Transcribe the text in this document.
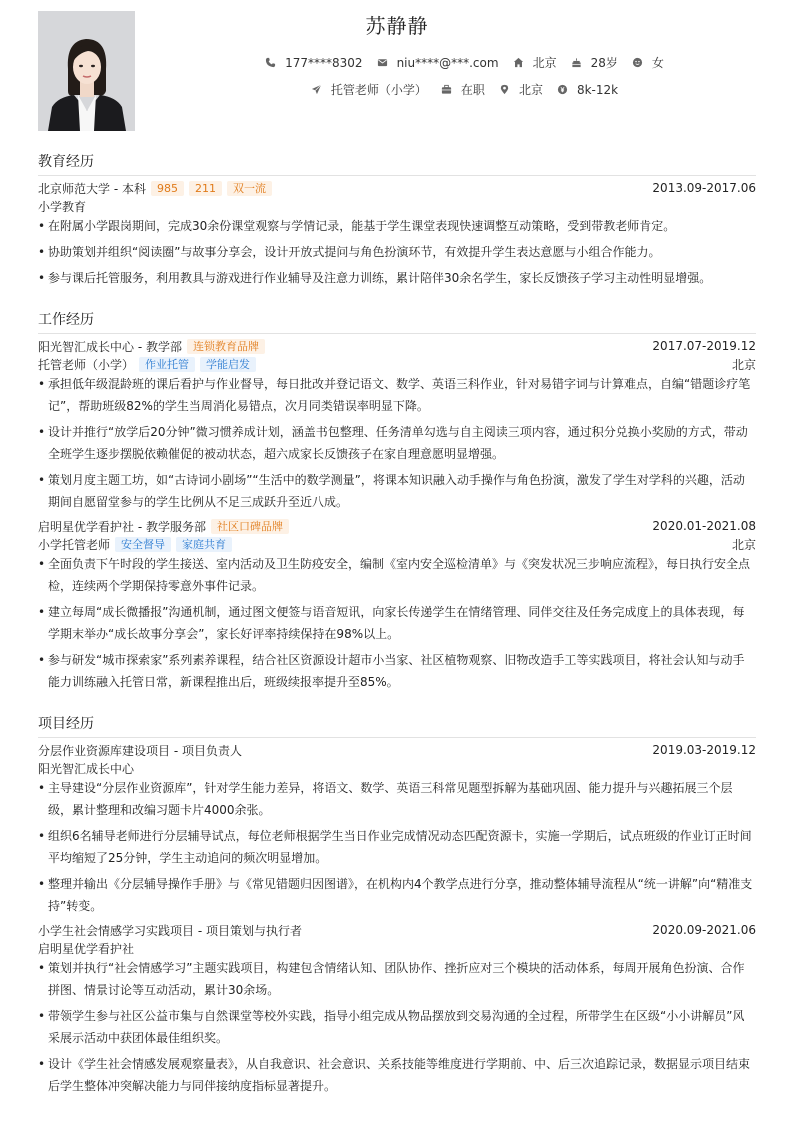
苏静静
177****8302	niu****@***.com	北京	28岁	女
托管老师（小学）	在职	北京	8k-12k
教育经历
北京师范大学 - 本科	985	211	双一流	2013.09-2017.06
小学教育
• 在附属小学跟岗期间，完成30余份课堂观察与学情记录，能基于学生课堂表现快速调整互动策略，受到带教老师肯定。
• 协助策划并组织“阅读圈”与故事分享会，设计开放式提问与角色扮演环节，有效提升学生表达意愿与小组合作能力。
• 参与课后托管服务，利用教具与游戏进行作业辅导及注意力训练，累计陪伴30余名学生，家长反馈孩子学习主动性明显增强。
工作经历
阳光智汇成长中心 - 教学部	连锁教育品牌	2017.07-2019.12
托管老师（小学）	作业托管	学能启发	北京
• 承担低年级混龄班的课后看护与作业督导，每日批改并登记语文、数学、英语三科作业，针对易错字词与计算难点，自编“错题诊疗笔记”，帮助班级82%的学生当周消化易错点，次月同类错误率明显下降。
• 设计并推行“放学后20分钟”微习惯养成计划，涵盖书包整理、任务清单勾选与自主阅读三项内容，通过积分兑换小奖励的方式，带动全班学生逐步摆脱依赖催促的被动状态，超六成家长反馈孩子在家自理意愿明显增强。
• 策划月度主题工坊，如“古诗词小剧场”“生活中的数学测量”，将课本知识融入动手操作与角色扮演，激发了学生对学科的兴趣，活动期间自愿留堂参与的学生比例从不足三成跃升至近八成。
启明星优学看护社 - 教学服务部	社区口碑品牌	2020.01-2021.08
小学托管老师	安全督导	家庭共育	北京
• 全面负责下午时段的学生接送、室内活动及卫生防疫安全，编制《室内安全巡检清单》与《突发状况三步响应流程》，每日执行安全点检，连续两个学期保持零意外事件记录。
• 建立每周“成长微播报”沟通机制，通过图文便签与语音短讯，向家长传递学生在情绪管理、同伴交往及任务完成度上的具体表现，每学期末举办“成长故事分享会”，家长好评率持续保持在98%以上。
• 参与研发“城市探索家”系列素养课程，结合社区资源设计超市小当家、社区植物观察、旧物改造手工等实践项目，将社会认知与动手能力训练融入托管日常，新课程推出后，班级续报率提升至85%。
项目经历
分层作业资源库建设项目 - 项目负责人	2019.03-2019.12
阳光智汇成长中心
• 主导建设“分层作业资源库”，针对学生能力差异，将语文、数学、英语三科常见题型拆解为基础巩固、能力提升与兴趣拓展三个层级，累计整理和改编习题卡片4000余张。
• 组织6名辅导老师进行分层辅导试点，每位老师根据学生当日作业完成情况动态匹配资源卡，实施一学期后，试点班级的作业订正时间平均缩短了25分钟，学生主动追问的频次明显增加。
• 整理并输出《分层辅导操作手册》与《常见错题归因图谱》，在机构内4个教学点进行分享，推动整体辅导流程从“统一讲解”向“精准支持”转变。
小学生社会情感学习实践项目 - 项目策划与执行者	2020.09-2021.06
启明星优学看护社
• 策划并执行“社会情感学习”主题实践项目，构建包含情绪认知、团队协作、挫折应对三个模块的活动体系，每周开展角色扮演、合作拼图、情景讨论等互动活动，累计30余场。
• 带领学生参与社区公益市集与自然课堂等校外实践，指导小组完成从物品摆放到交易沟通的全过程，所带学生在区级“小小讲解员”风采展示活动中获团体最佳组织奖。
• 设计《学生社会情感发展观察量表》，从自我意识、社会意识、关系技能等维度进行学期前、中、后三次追踪记录，数据显示项目结束后学生整体冲突解决能力与同伴接纳度指标显著提升。
